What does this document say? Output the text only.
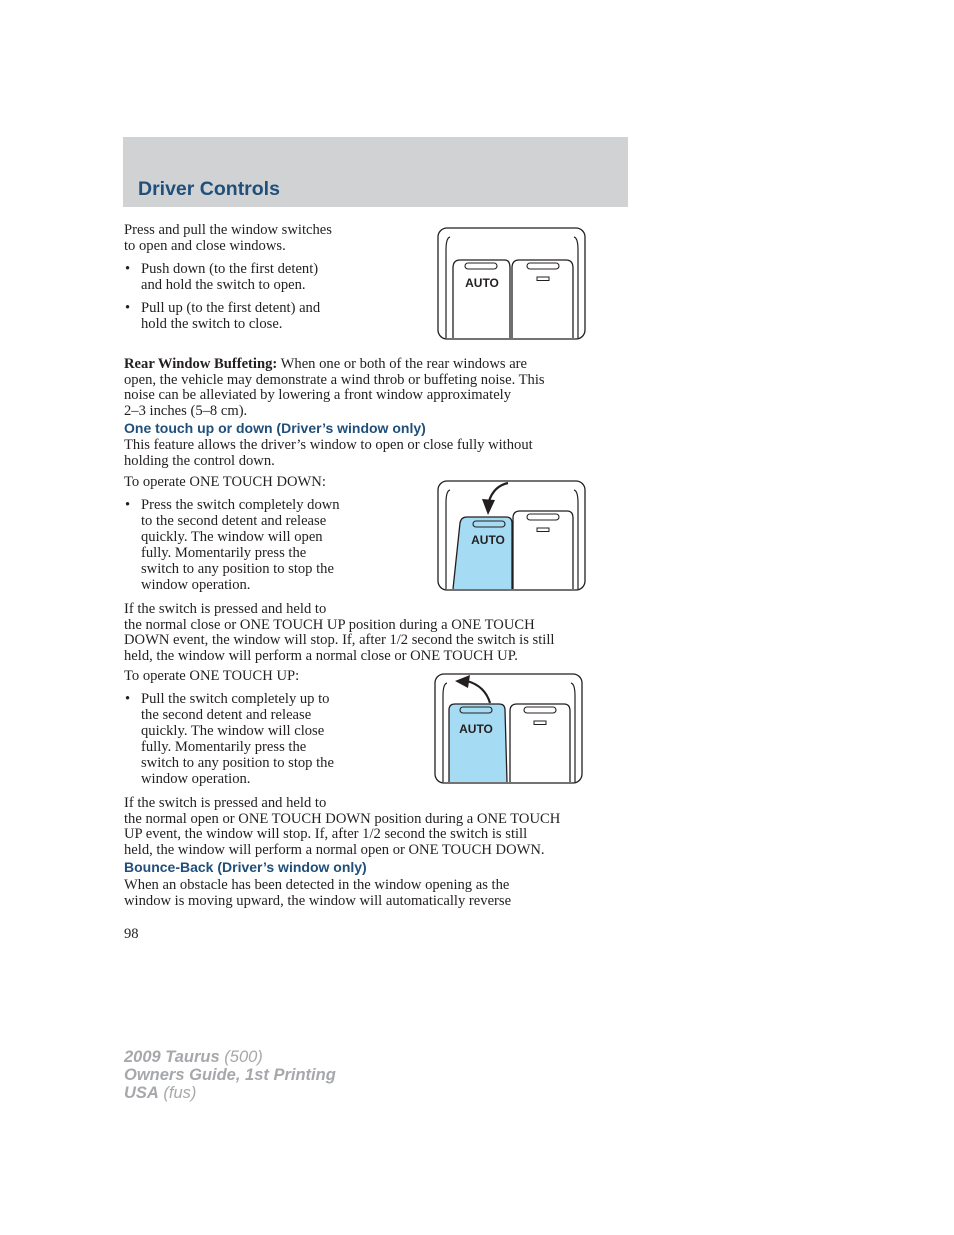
Driver Controls
Press and pull the window switches
to open and close windows.
• Push down (to the first detent)
and hold the switch to open.
• Pull up (to the first detent) and
hold the switch to close.
AUTO
Rear Window Buffeting: When one or both of the rear windows are
open, the vehicle may demonstrate a wind throb or buffeting noise. This
noise can be alleviated by lowering a front window approximately
2–3 inches (5–8 cm).
One touch up or down (Driver’s window only)
This feature allows the driver’s window to open or close fully without
holding the control down.
To operate ONE TOUCH DOWN:
• Press the switch completely down
to the second detent and release
quickly. The window will open
fully. Momentarily press the
switch to any position to stop the
window operation.
AUTO
If the switch is pressed and held to
the normal close or ONE TOUCH UP position during a ONE TOUCH
DOWN event, the window will stop. If, after 1/2 second the switch is still
held, the window will perform a normal close or ONE TOUCH UP.
To operate ONE TOUCH UP:
• Pull the switch completely up to
the second detent and release
quickly. The window will close
fully. Momentarily press the
switch to any position to stop the
window operation.
AUTO
If the switch is pressed and held to
the normal open or ONE TOUCH DOWN position during a ONE TOUCH
UP event, the window will stop. If, after 1/2 second the switch is still
held, the window will perform a normal open or ONE TOUCH DOWN.
Bounce-Back (Driver’s window only)
When an obstacle has been detected in the window opening as the
window is moving upward, the window will automatically reverse
98
2009 Taurus (500)
Owners Guide, 1st Printing
USA (fus)
